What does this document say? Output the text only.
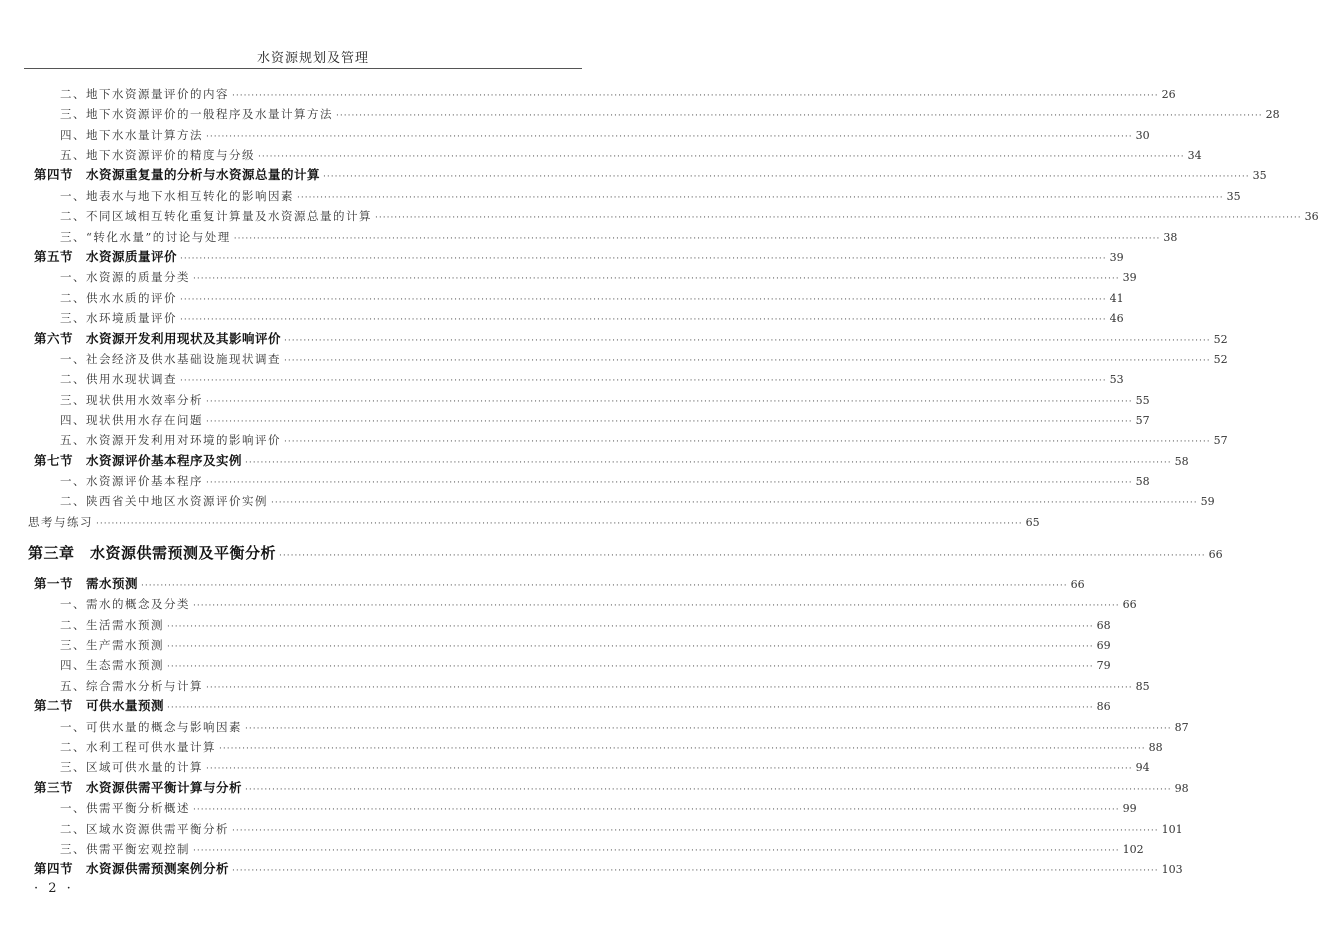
水资源规划及管理
二、地下水资源量评价的内容 ················································································································································································································································ 26
三、地下水资源评价的一般程序及水量计算方法 ················································································································································································································································ 28
四、地下水水量计算方法 ················································································································································································································································ 30
五、地下水资源评价的精度与分级 ················································································································································································································································ 34
第四节　水资源重复量的分析与水资源总量的计算 ················································································································································································································································ 35
一、地表水与地下水相互转化的影响因素 ················································································································································································································································ 35
二、不同区域相互转化重复计算量及水资源总量的计算 ················································································································································································································································ 36
三、“转化水量”的讨论与处理 ················································································································································································································································ 38
第五节　水资源质量评价 ················································································································································································································································ 39
一、水资源的质量分类 ················································································································································································································································ 39
二、供水水质的评价 ················································································································································································································································ 41
三、水环境质量评价 ················································································································································································································································ 46
第六节　水资源开发利用现状及其影响评价 ················································································································································································································································ 52
一、社会经济及供水基础设施现状调查 ················································································································································································································································ 52
二、供用水现状调查 ················································································································································································································································ 53
三、现状供用水效率分析 ················································································································································································································································ 55
四、现状供用水存在问题 ················································································································································································································································ 57
五、水资源开发利用对环境的影响评价 ················································································································································································································································ 57
第七节　水资源评价基本程序及实例 ················································································································································································································································ 58
一、水资源评价基本程序 ················································································································································································································································ 58
二、陕西省关中地区水资源评价实例 ················································································································································································································································ 59
思考与练习 ················································································································································································································································ 65
第三章　水资源供需预测及平衡分析 ················································································································································································································································ 66
第一节　需水预测 ················································································································································································································································ 66
一、需水的概念及分类 ················································································································································································································································ 66
二、生活需水预测 ················································································································································································································································ 68
三、生产需水预测 ················································································································································································································································ 69
四、生态需水预测 ················································································································································································································································ 79
五、综合需水分析与计算 ················································································································································································································································ 85
第二节　可供水量预测 ················································································································································································································································ 86
一、可供水量的概念与影响因素 ················································································································································································································································ 87
二、水利工程可供水量计算 ················································································································································································································································ 88
三、区域可供水量的计算 ················································································································································································································································ 94
第三节　水资源供需平衡计算与分析 ················································································································································································································································ 98
一、供需平衡分析概述 ················································································································································································································································ 99
二、区域水资源供需平衡分析 ················································································································································································································································ 101
三、供需平衡宏观控制 ················································································································································································································································ 102
第四节　水资源供需预测案例分析 ················································································································································································································································ 103
· 2 ·
